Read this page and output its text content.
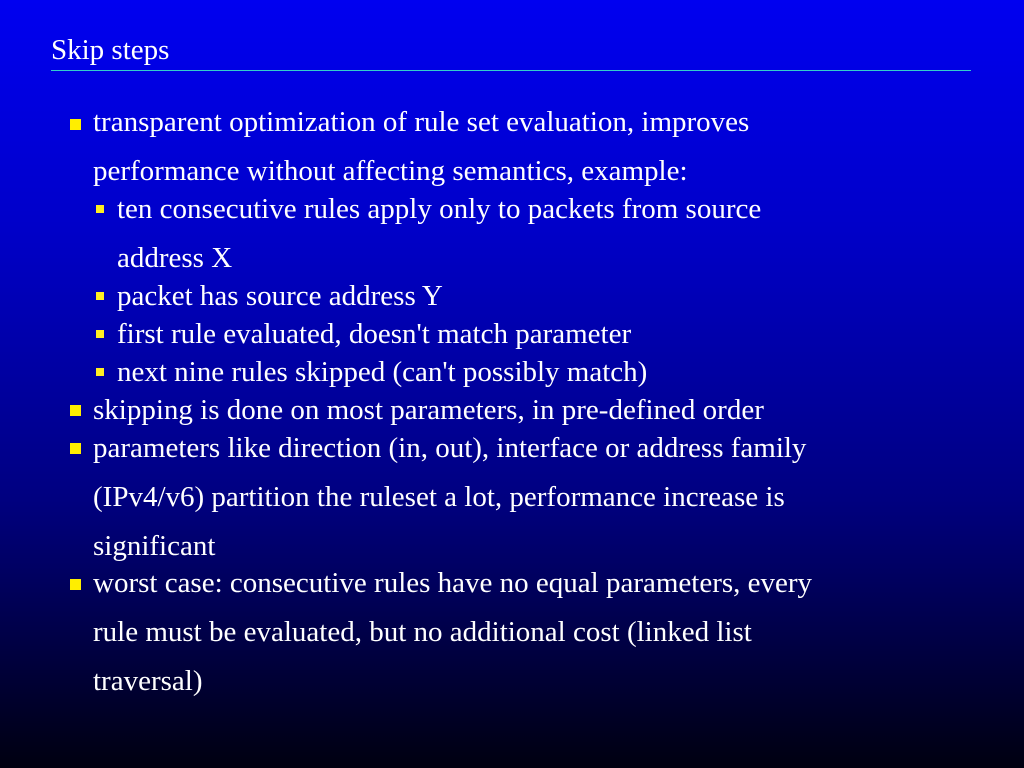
Skip steps
transparent optimization of rule set evaluation, improves
performance without affecting semantics, example:
ten consecutive rules apply only to packets from source
address X
packet has source address Y
first rule evaluated, doesn't match parameter
next nine rules skipped (can't possibly match)
skipping is done on most parameters, in pre-defined order
parameters like direction (in, out), interface or address family
(IPv4/v6) partition the ruleset a lot, performance increase is
significant
worst case: consecutive rules have no equal parameters, every
rule must be evaluated, but no additional cost (linked list
traversal)
